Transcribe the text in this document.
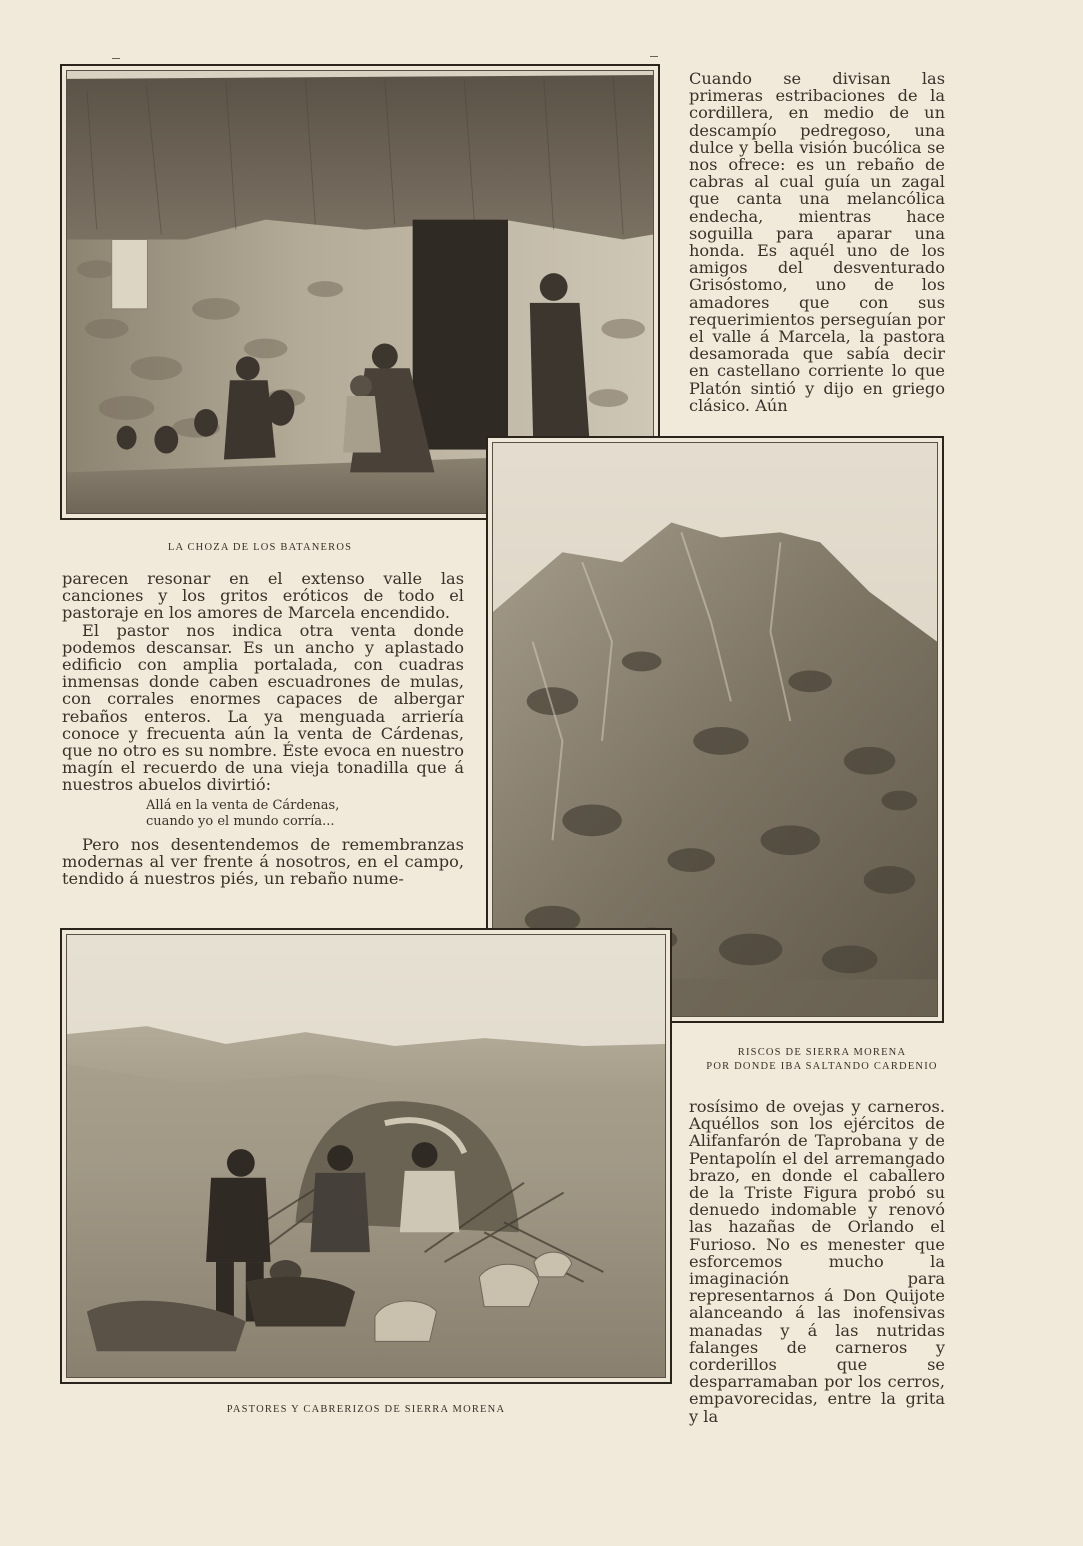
Cuando se divisan las primeras estribaciones de la cordillera, en medio de un descampío pedregoso, una dulce y bella visión bucólica se nos ofrece: es un rebaño de cabras al cual guía un zagal que canta una melancólica endecha, mientras hace soguilla para aparar una honda. Es aquél uno de los amigos del desventurado Grisóstomo, uno de los amadores que con sus requerimientos perseguían por el valle á Marcela, la pastora desamorada que sabía decir en castellano corriente lo que Platón sintió y dijo en griego clásico. Aún

LA CHOZA DE LOS BATANEROS

parecen resonar en el extenso valle las canciones y los gritos eróticos de todo el pastoraje en los amores de Marcela encendido.

El pastor nos indica otra venta donde podemos descansar. Es un ancho y aplastado edificio con amplia portalada, con cuadras inmensas donde caben escuadrones de mulas, con corrales enormes capaces de albergar rebaños enteros. La ya menguada arriería conoce y frecuenta aún la venta de Cárdenas, que no otro es su nombre. Éste evoca en nuestro magín el recuerdo de una vieja tonadilla que á nuestros abuelos divirtió:

Allá en la venta de Cárdenas,
cuando yo el mundo corría...

Pero nos desentendemos de remembranzas modernas al ver frente á nosotros, en el campo, tendido á nuestros piés, un rebaño nume-

RISCOS DE SIERRA MORENA
POR DONDE IBA SALTANDO CARDENIO

rosísimo de ovejas y carneros. Aquéllos son los ejércitos de Alifanfarón de Taprobana y de Pentapolín el del arremangado brazo, en donde el caballero de la Triste Figura probó su denuedo indomable y renovó las hazañas de Orlando el Furioso. No es menester que esforcemos mucho la imaginación para representarnos á Don Quijote alanceando á las inofensivas manadas y á las nutridas falanges de carneros y corderillos que se desparramaban por los cerros, empavorecidas, entre la grita y la

PASTORES Y CABRERIZOS DE SIERRA MORENA
